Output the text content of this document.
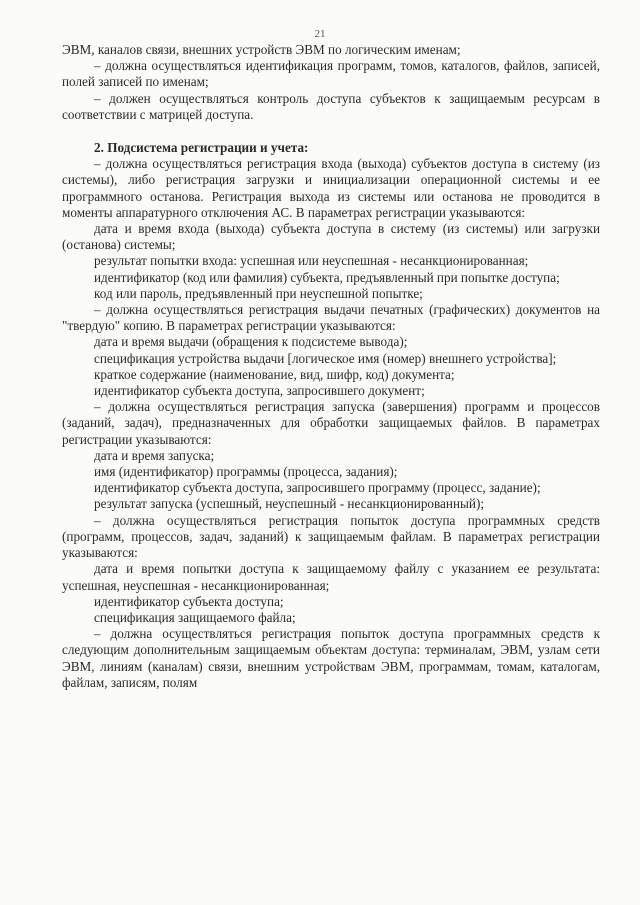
21

ЭВМ, каналов связи, внешних устройств ЭВМ по логическим именам;

– должна осуществляться идентификация программ, томов, каталогов, файлов, записей, полей записей по именам;

– должен осуществляться контроль доступа субъектов к защищаемым ресурсам в соответствии с матрицей доступа.

2. Подсистема регистрации и учета:

– должна осуществляться регистрация входа (выхода) субъектов доступа в систему (из системы), либо регистрация загрузки и инициализации операционной системы и ее программного останова. Регистрация выхода из системы или останова не проводится в моменты аппаратурного отключения АС. В параметрах регистрации указываются:

дата и время входа (выхода) субъекта доступа в систему (из системы) или загрузки (останова) системы;

результат попытки входа: успешная или неуспешная - несанкционированная;

идентификатор (код или фамилия) субъекта, предъявленный при попытке доступа;

код или пароль, предъявленный при неуспешной попытке;

– должна осуществляться регистрация выдачи печатных (графических) документов на "твердую" копию. В параметрах регистрации указываются:

дата и время выдачи (обращения к подсистеме вывода);

спецификация устройства выдачи [логическое имя (номер) внешнего устройства];

краткое содержание (наименование, вид, шифр, код) документа;

идентификатор субъекта доступа, запросившего документ;

– должна осуществляться регистрация запуска (завершения) программ и процессов (заданий, задач), предназначенных для обработки защищаемых файлов. В параметрах регистрации указываются:

дата и время запуска;

имя (идентификатор) программы (процесса, задания);

идентификатор субъекта доступа, запросившего программу (процесс, задание);

результат запуска (успешный, неуспешный - несанкционированный);

– должна осуществляться регистрация попыток доступа программных средств (программ, процессов, задач, заданий) к защищаемым файлам. В параметрах регистрации указываются:

дата и время попытки доступа к защищаемому файлу с указанием ее результата: успешная, неуспешная - несанкционированная;

идентификатор субъекта доступа;

спецификация защищаемого файла;

– должна осуществляться регистрация попыток доступа программных средств к следующим дополнительным защищаемым объектам доступа: терминалам, ЭВМ, узлам сети ЭВМ, линиям (каналам) связи, внешним устройствам ЭВМ, программам, томам, каталогам, файлам, записям, полям
